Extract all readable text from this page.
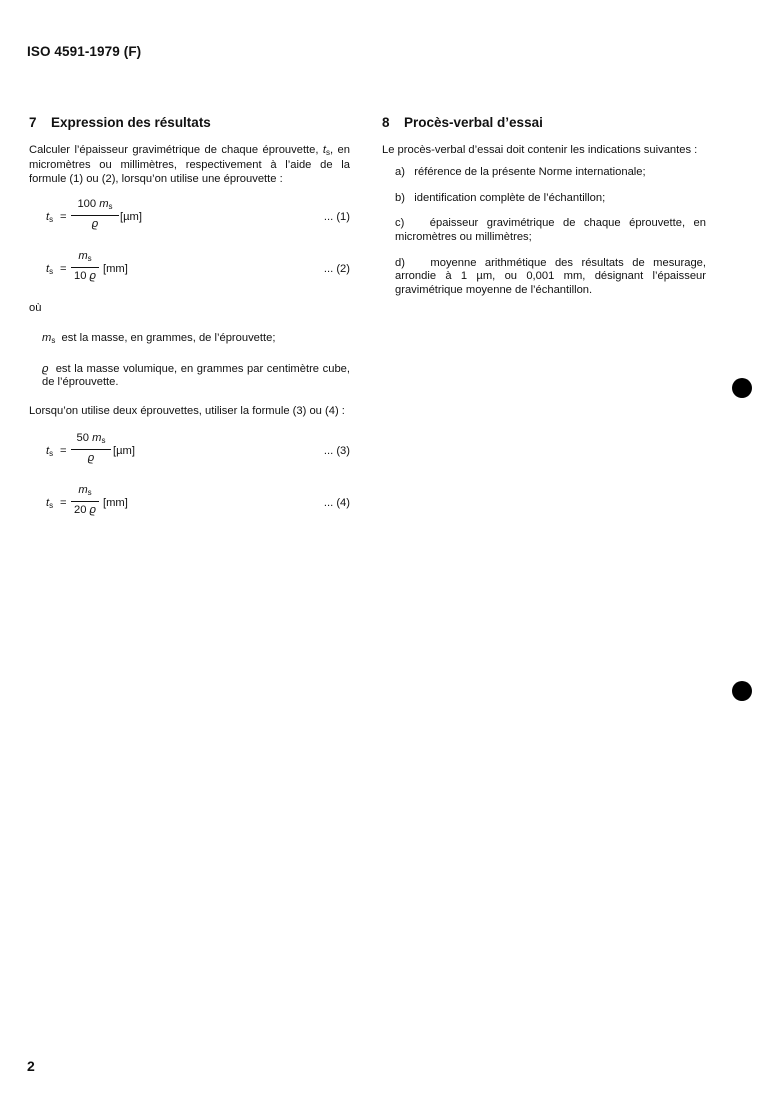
ISO 4591-1979 (F)
7 Expression des résultats

Calculer l’épaisseur gravimétrique de chaque éprouvette, $t_s$, en micromètres ou millimètres, respectivement à l’aide de la formule (1) ou (2), lorsqu’on utilise une éprouvette :

$t_s$ =
100 $m_s$
ϱ
[µm]	... (1)
$t_s$ =
$m_s$
10 ϱ
[mm]	... (2)

où

$m_s$ est la masse, en grammes, de l’éprouvette;

ϱ est la masse volumique, en grammes par centimètre cube, de l’éprouvette.

Lorsqu’on utilise deux éprouvettes, utiliser la formule (3) ou (4) :

$t_s$ =
50 $m_s$
ϱ
[µm]	... (3)
$t_s$ =
$m_s$
20 ϱ
[mm]	... (4)
8 Procès-verbal d’essai

Le procès-verbal d’essai doit contenir les indications suivantes :

a) référence de la présente Norme internationale;

b) identification complète de l’échantillon;

c) épaisseur gravimétrique de chaque éprouvette, en micromètres ou millimètres;

d) moyenne arithmétique des résultats de mesurage, arrondie à 1 µm, ou 0,001 mm, désignant l’épaisseur gravimétrique moyenne de l’échantillon.

2
